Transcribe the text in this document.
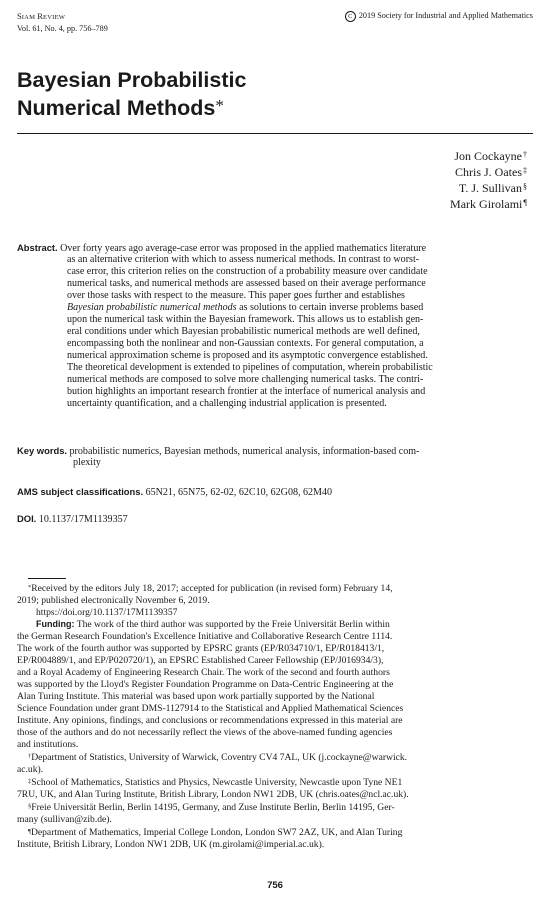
SIAM REVIEW
Vol. 61, No. 4, pp. 756–789
C 2019 Society for Industrial and Applied Mathematics
Bayesian Probabilistic
Numerical Methods*
Jon Cockayne†
Chris J. Oates‡
T. J. Sullivan§
Mark Girolami¶
Abstract. Over forty years ago average-case error was proposed in the applied mathematics literature
as an alternative criterion with which to assess numerical methods. In contrast to worst-
case error, this criterion relies on the construction of a probability measure over candidate
numerical tasks, and numerical methods are assessed based on their average performance
over those tasks with respect to the measure. This paper goes further and establishes
Bayesian probabilistic numerical methods as solutions to certain inverse problems based
upon the numerical task within the Bayesian framework. This allows us to establish gen-
eral conditions under which Bayesian probabilistic numerical methods are well defined,
encompassing both the nonlinear and non-Gaussian contexts. For general computation, a
numerical approximation scheme is proposed and its asymptotic convergence established.
The theoretical development is extended to pipelines of computation, wherein probabilistic
numerical methods are composed to solve more challenging numerical tasks. The contri-
bution highlights an important research frontier at the interface of numerical analysis and
uncertainty quantification, and a challenging industrial application is presented.
Key words. probabilistic numerics, Bayesian methods, numerical analysis, information-based com-
plexity
AMS subject classifications. 65N21, 65N75, 62-02, 62C10, 62G08, 62M40
DOI. 10.1137/17M1139357
*Received by the editors July 18, 2017; accepted for publication (in revised form) February 14,
2019; published electronically November 6, 2019.
https://doi.org/10.1137/17M1139357
Funding: The work of the third author was supported by the Freie Universität Berlin within
the German Research Foundation's Excellence Initiative and Collaborative Research Centre 1114.
The work of the fourth author was supported by EPSRC grants (EP/R034710/1, EP/R018413/1,
EP/R004889/1, and EP/P020720/1), an EPSRC Established Career Fellowship (EP/J016934/3),
and a Royal Academy of Engineering Research Chair. The work of the second and fourth authors
was supported by the Lloyd's Register Foundation Programme on Data-Centric Engineering at the
Alan Turing Institute. This material was based upon work partially supported by the National
Science Foundation under grant DMS-1127914 to the Statistical and Applied Mathematical Sciences
Institute. Any opinions, findings, and conclusions or recommendations expressed in this material are
those of the authors and do not necessarily reflect the views of the above-named funding agencies
and institutions.
†Department of Statistics, University of Warwick, Coventry CV4 7AL, UK (j.cockayne@warwick.
ac.uk).
‡School of Mathematics, Statistics and Physics, Newcastle University, Newcastle upon Tyne NE1
7RU, UK, and Alan Turing Institute, British Library, London NW1 2DB, UK (chris.oates@ncl.ac.uk).
§Freie Universität Berlin, Berlin 14195, Germany, and Zuse Institute Berlin, Berlin 14195, Ger-
many (sullivan@zib.de).
¶Department of Mathematics, Imperial College London, London SW7 2AZ, UK, and Alan Turing
Institute, British Library, London NW1 2DB, UK (m.girolami@imperial.ac.uk).
756
